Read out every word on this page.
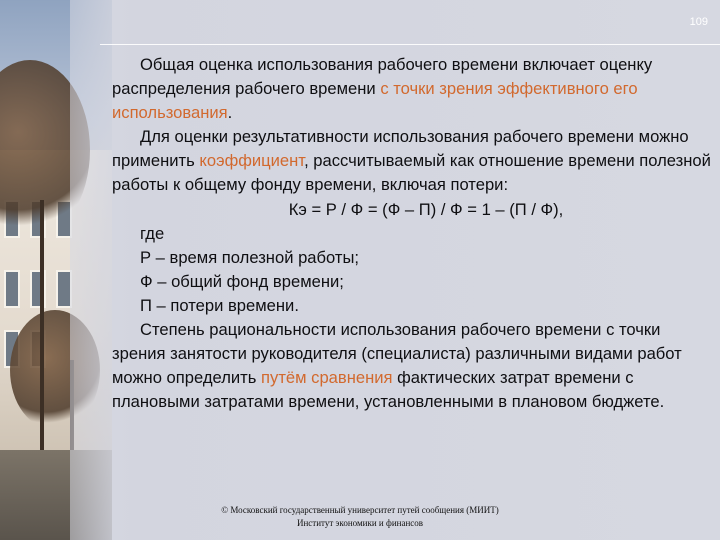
109

Общая оценка использования рабочего времени включает оценку распределения рабочего времени с точки зрения эффективного его использования.

Для оценки результативности использования рабочего времени можно применить коэффициент, рассчитываемый как отношение времени полезной работы к общему фонду времени, включая потери:

Кэ = Р / Ф = (Ф – П) / Ф = 1 – (П / Ф),

где

Р – время полезной работы;

Ф – общий фонд времени;

П – потери времени.

Степень рациональности использования рабочего времени с точки зрения занятости руководителя (специалиста) различными видами работ можно определить путём сравнения фактических затрат времени с плановыми затратами времени, установленными в плановом бюджете.

© Московский государственный университет путей сообщения (МИИТ)
Институт экономики и финансов
